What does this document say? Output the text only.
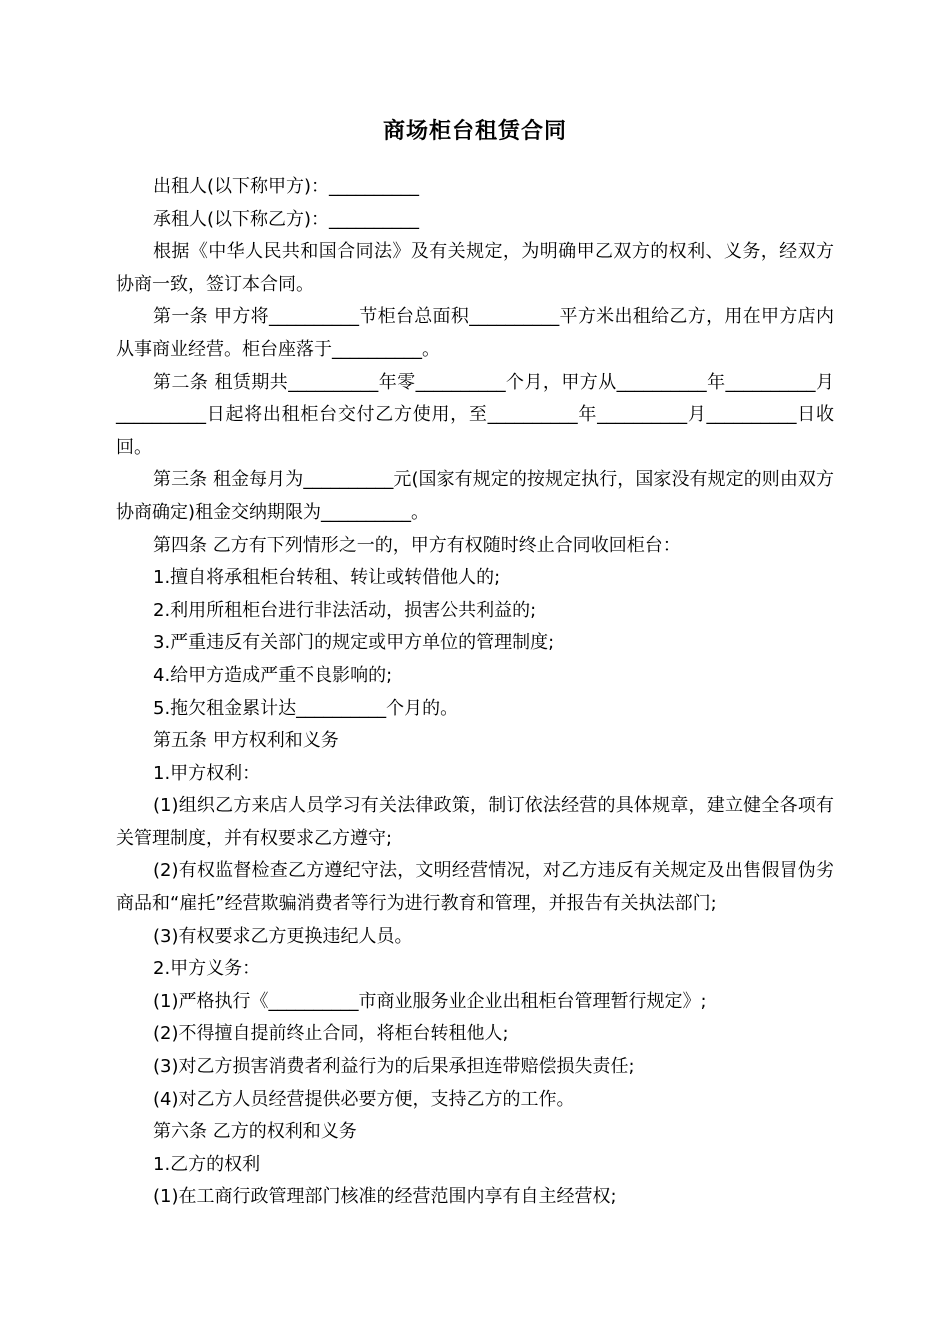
商场柜台租赁合同

出租人(以下称甲方)：__________

承租人(以下称乙方)：__________

根据《中华人民共和国合同法》及有关规定，为明确甲乙双方的权利、义务，经双方协商一致，签订本合同。

第一条 甲方将__________节柜台总面积__________平方米出租给乙方，用在甲方店内从事商业经营。柜台座落于__________。

第二条 租赁期共__________年零__________个月，甲方从__________年__________月__________日起将出租柜台交付乙方使用，至__________年__________月__________日收回。

第三条 租金每月为__________元(国家有规定的按规定执行，国家没有规定的则由双方协商确定)租金交纳期限为__________。

第四条 乙方有下列情形之一的，甲方有权随时终止合同收回柜台：

1.擅自将承租柜台转租、转让或转借他人的;

2.利用所租柜台进行非法活动，损害公共利益的;

3.严重违反有关部门的规定或甲方单位的管理制度;

4.给甲方造成严重不良影响的;

5.拖欠租金累计达__________个月的。

第五条 甲方权利和义务

1.甲方权利：

(1)组织乙方来店人员学习有关法律政策，制订依法经营的具体规章，建立健全各项有关管理制度，并有权要求乙方遵守;

(2)有权监督检查乙方遵纪守法，文明经营情况，对乙方违反有关规定及出售假冒伪劣商品和“雇托”经营欺骗消费者等行为进行教育和管理，并报告有关执法部门;

(3)有权要求乙方更换违纪人员。

2.甲方义务：

(1)严格执行《__________市商业服务业企业出租柜台管理暂行规定》;

(2)不得擅自提前终止合同，将柜台转租他人;

(3)对乙方损害消费者利益行为的后果承担连带赔偿损失责任;

(4)对乙方人员经营提供必要方便，支持乙方的工作。

第六条 乙方的权利和义务

1.乙方的权利

(1)在工商行政管理部门核准的经营范围内享有自主经营权;
